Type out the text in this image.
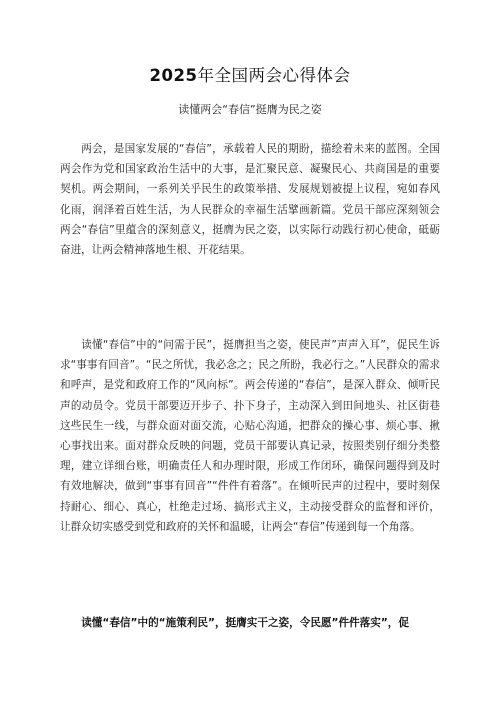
2025年全国两会心得体会

读懂两会“春信”挺膺为民之姿

两会，是国家发展的“春信”，承载着人民的期盼，描绘着未来的蓝图。全国两会作为党和国家政治生活中的大事，是汇聚民意、凝聚民心、共商国是的重要契机。两会期间，一系列关乎民生的政策举措、发展规划被提上议程，宛如春风化雨，润泽着百姓生活，为人民群众的幸福生活擘画新篇。党员干部应深刻领会两会“春信”里蕴含的深刻意义，挺膺为民之姿，以实际行动践行初心使命，砥砺奋进，让两会精神落地生根、开花结果。

读懂“春信”中的“问需于民”，挺膺担当之姿，使民声”声声入耳”，促民生诉求“事事有回音”。“民之所忧，我必念之；民之所盼，我必行之。”人民群众的需求和呼声，是党和政府工作的“风向标”。两会传递的“春信”，是深入群众、倾听民声的动员令。党员干部要迈开步子、扑下身子，主动深入到田间地头、社区街巷这些民生一线，与群众面对面交流，心贴心沟通，把群众的操心事、烦心事、揪心事找出来。面对群众反映的问题，党员干部要认真记录，按照类别仔细分类整理，建立详细台账，明确责任人和办理时限，形成工作闭环，确保问题得到及时有效地解决，做到“事事有回音”“件件有着落”。在倾听民声的过程中，要时刻保持耐心、细心、真心，杜绝走过场、搞形式主义，主动接受群众的监督和评价，让群众切实感受到党和政府的关怀和温暖，让两会“春信”传递到每一个角落。

读懂“春信”中的“施策利民”，挺膺实干之姿，令民愿”件件落实”，促
